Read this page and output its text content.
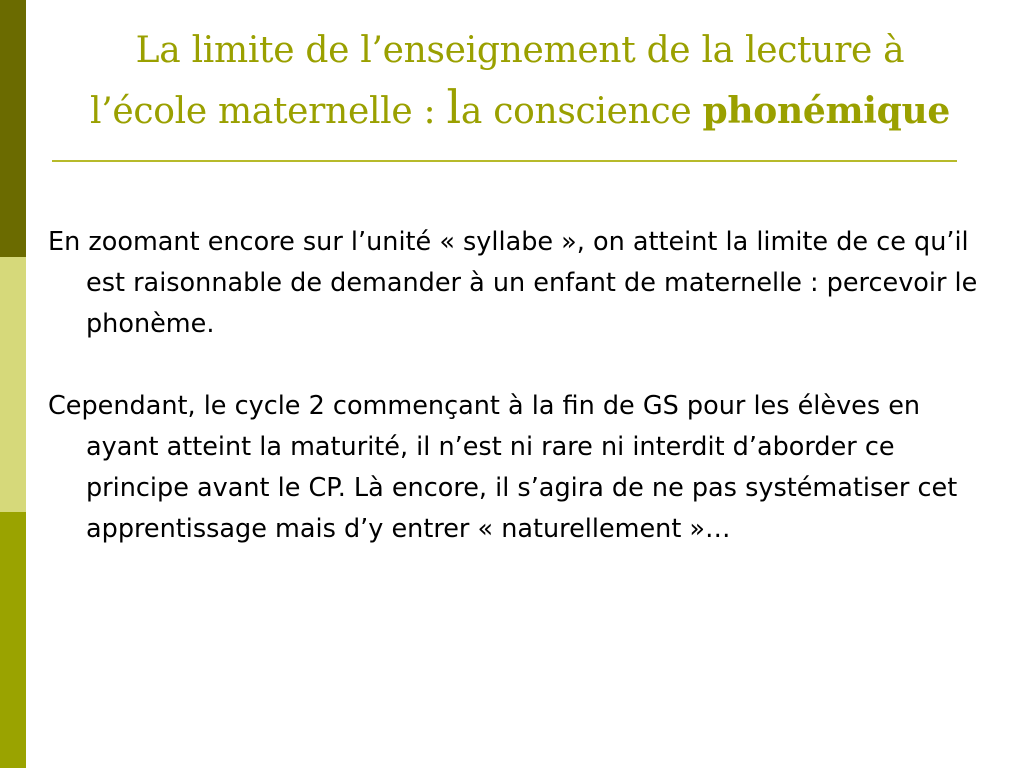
La limite de l’enseignement de la lecture à
l’école maternelle : la conscience phonémique

En zoomant encore sur l’unité « syllabe », on atteint la limite de ce qu’il est raisonnable de demander à un enfant de maternelle : percevoir le phonème.

Cependant, le cycle 2 commençant à la fin de GS pour les élèves en ayant atteint la maturité, il n’est ni rare ni interdit d’aborder ce principe avant le CP. Là encore, il s’agira de ne pas systématiser cet apprentissage mais d’y entrer « naturellement »…
